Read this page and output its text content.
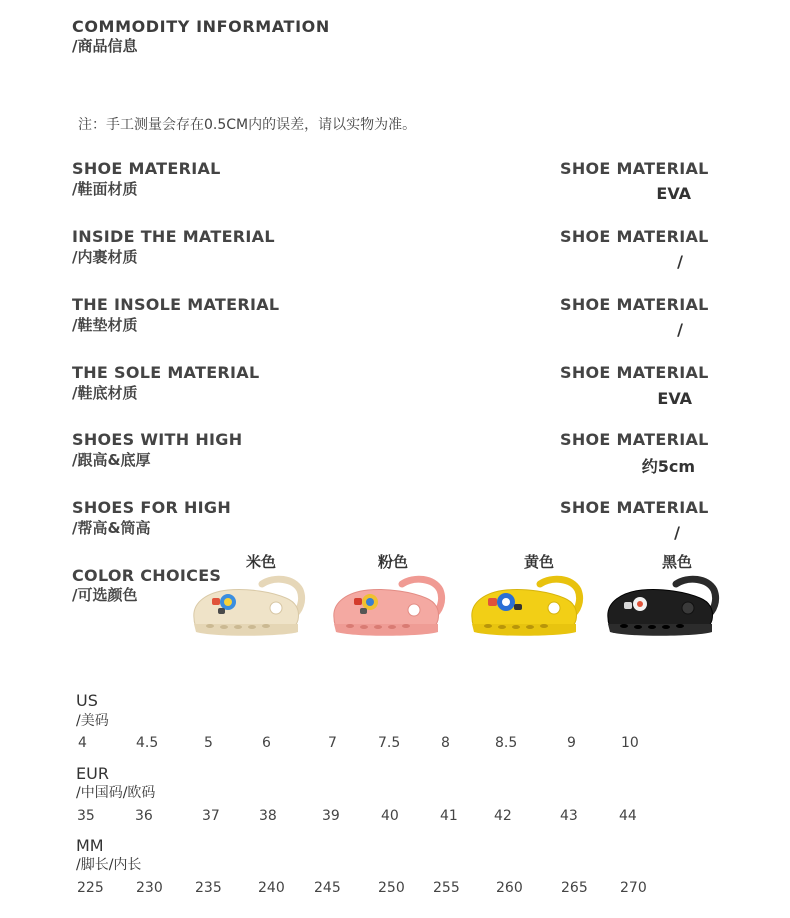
COMMODITY INFORMATION
/商品信息
注：手工测量会存在0.5CM内的误差，请以实物为准。
SHOE MATERIAL
/鞋面材质
SHOE MATERIAL
EVA
INSIDE THE MATERIAL
/内裹材质
SHOE MATERIAL
/
THE INSOLE MATERIAL
/鞋垫材质
SHOE MATERIAL
/
THE SOLE MATERIAL
/鞋底材质
SHOE MATERIAL
EVA
SHOES WITH HIGH
/跟高&底厚
SHOE MATERIAL
约5cm
SHOES FOR HIGH
/帮高&筒高
SHOE MATERIAL
/
COLOR CHOICES
/可选颜色
米色	粉色	黄色	黑色
US
/美码
4	4.5	5	6	7	7.5	8	8.5	9	10
EUR
/中国码/欧码
35	36	37	38	39	40	41	42	43	44
MM
/脚长/内长
225 230 235	240 245	250 255	260	265 270
